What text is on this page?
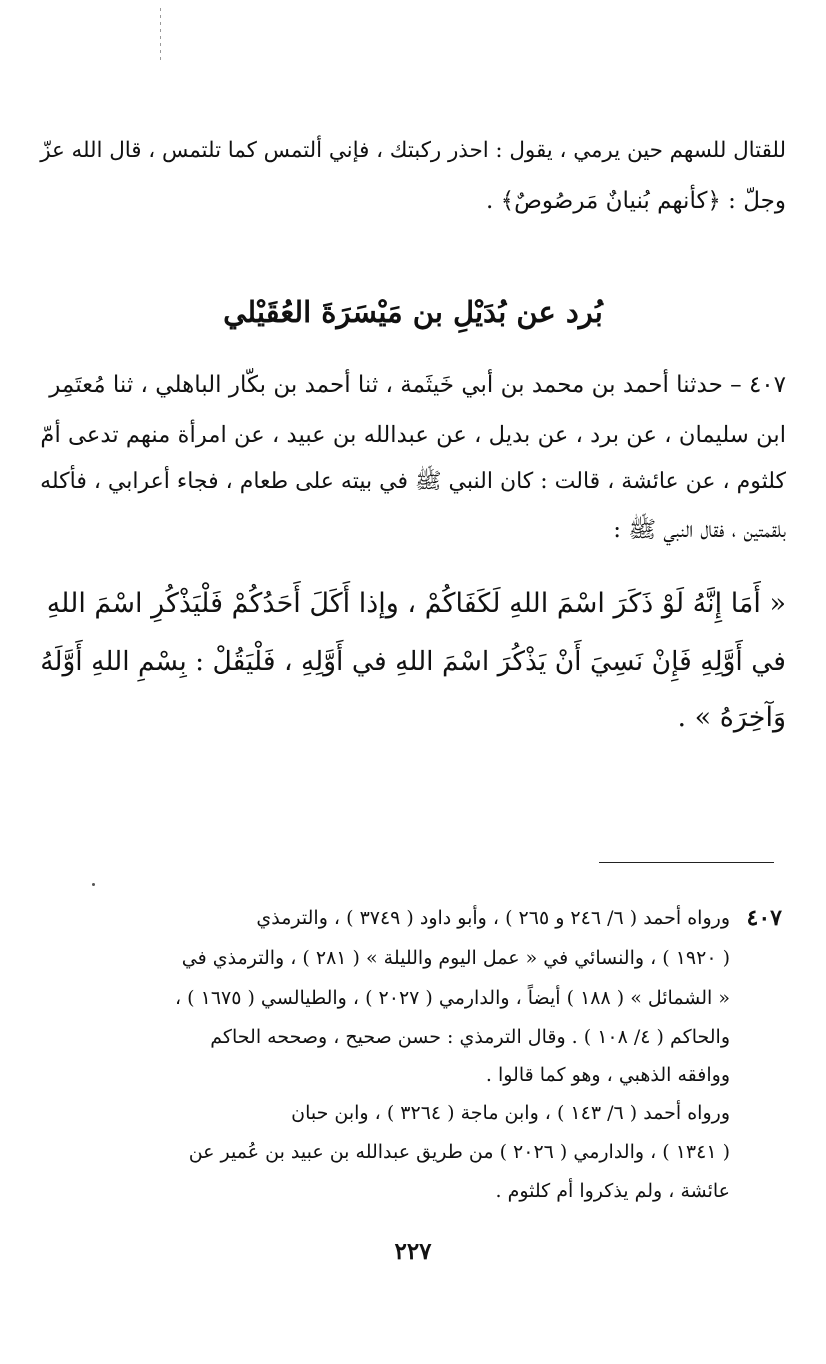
للقتال للسهم حين يرمي ، يقول : احذر ركبتك ، فإني ألتمس كما تلتمس ، قال الله عزّ
وجلّ : ﴿كأنهم بُنيانٌ مَرصُوصٌ﴾ .
بُرد عن بُدَيْلِ بن مَيْسَرَةَ العُقَيْلي
٤٠٧ – حدثنا أحمد بن محمد بن أبي خَيثَمة ، ثنا أحمد بن بكّار الباهلي ، ثنا مُعتَمِر
ابن سليمان ، عن برد ، عن بديل ، عن عبدالله بن عبيد ، عن امرأة منهم تدعى أمّ
كلثوم ، عن عائشة ، قالت : كان النبي ﷺ في بيته على طعام ، فجاء أعرابي ، فأكله
بلقمتين ، فقال النبي ﷺ :
« أَمَا إِنَّهُ لَوْ ذَكَرَ اسْمَ اللهِ لَكَفَاكُمْ ، وإذا أَكَلَ أَحَدُكُمْ فَلْيَذْكُرِ اسْمَ اللهِ
في أَوَّلِهِ فَإِنْ نَسِيَ أَنْ يَذْكُرَ اسْمَ اللهِ في أَوَّلِهِ ، فَلْيَقُلْ : بِسْمِ اللهِ أَوَّلَهُ
وَآخِرَهُ » .
٤٠٧
ورواه أحمد ( ٦/ ٢٤٦ و ٢٦٥ ) ، وأبو داود ( ٣٧٤٩ ) ، والترمذي
( ١٩٢٠ ) ، والنسائي في « عمل اليوم والليلة » ( ٢٨١ ) ، والترمذي في
« الشمائل » ( ١٨٨ ) أيضاً ، والدارمي ( ٢٠٢٧ ) ، والطيالسي ( ١٦٧٥ ) ،
والحاكم ( ٤/ ١٠٨ ) . وقال الترمذي : حسن صحيح ، وصححه الحاكم
ووافقه الذهبي ، وهو كما قالوا .
ورواه أحمد ( ٦/ ١٤٣ ) ، وابن ماجة ( ٣٢٦٤ ) ، وابن حبان
( ١٣٤١ ) ، والدارمي ( ٢٠٢٦ ) من طريق عبدالله بن عبيد بن عُمير عن
عائشة ، ولم يذكروا أم كلثوم .
٢٢٧
